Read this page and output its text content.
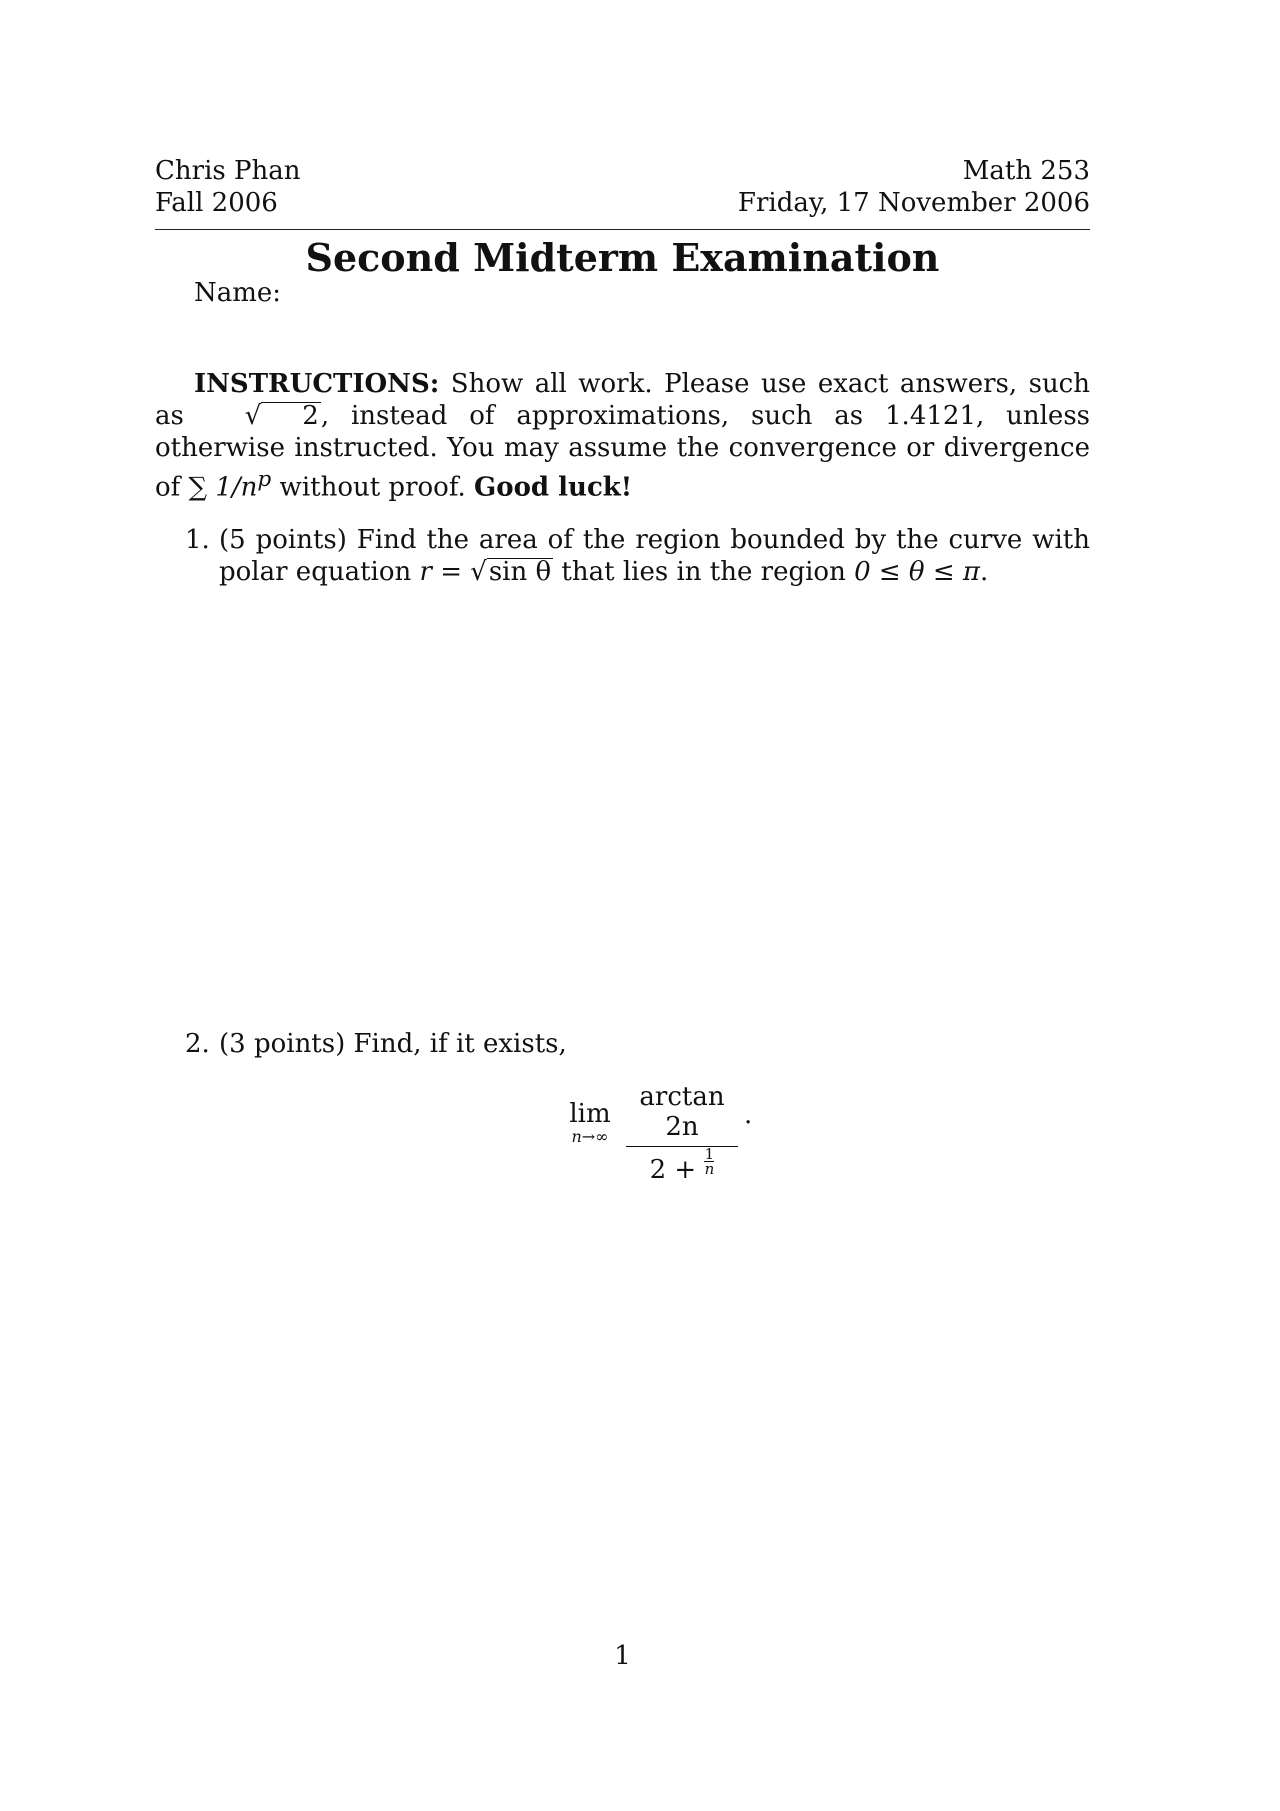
Chris Phan
Fall 2006
Math 253
Friday, 17 November 2006
Second Midterm Examination
Name:
INSTRUCTIONS: Show all work. Please use exact answers, such as √ 2, instead of approximations, such as 1.4121, unless otherwise instructed. You may assume the convergence or divergence of ∑ $1/n^p$ without proof. Good luck!
1. (5 points) Find the area of the region bounded by the curve with polar equation r = √sin θ that lies in the region 0 ≤ θ ≤ π.
2. (3 points) Find, if it exists,
lim
n→∞
arctan 2n
$2 + \frac{1}{n}$
.
1
